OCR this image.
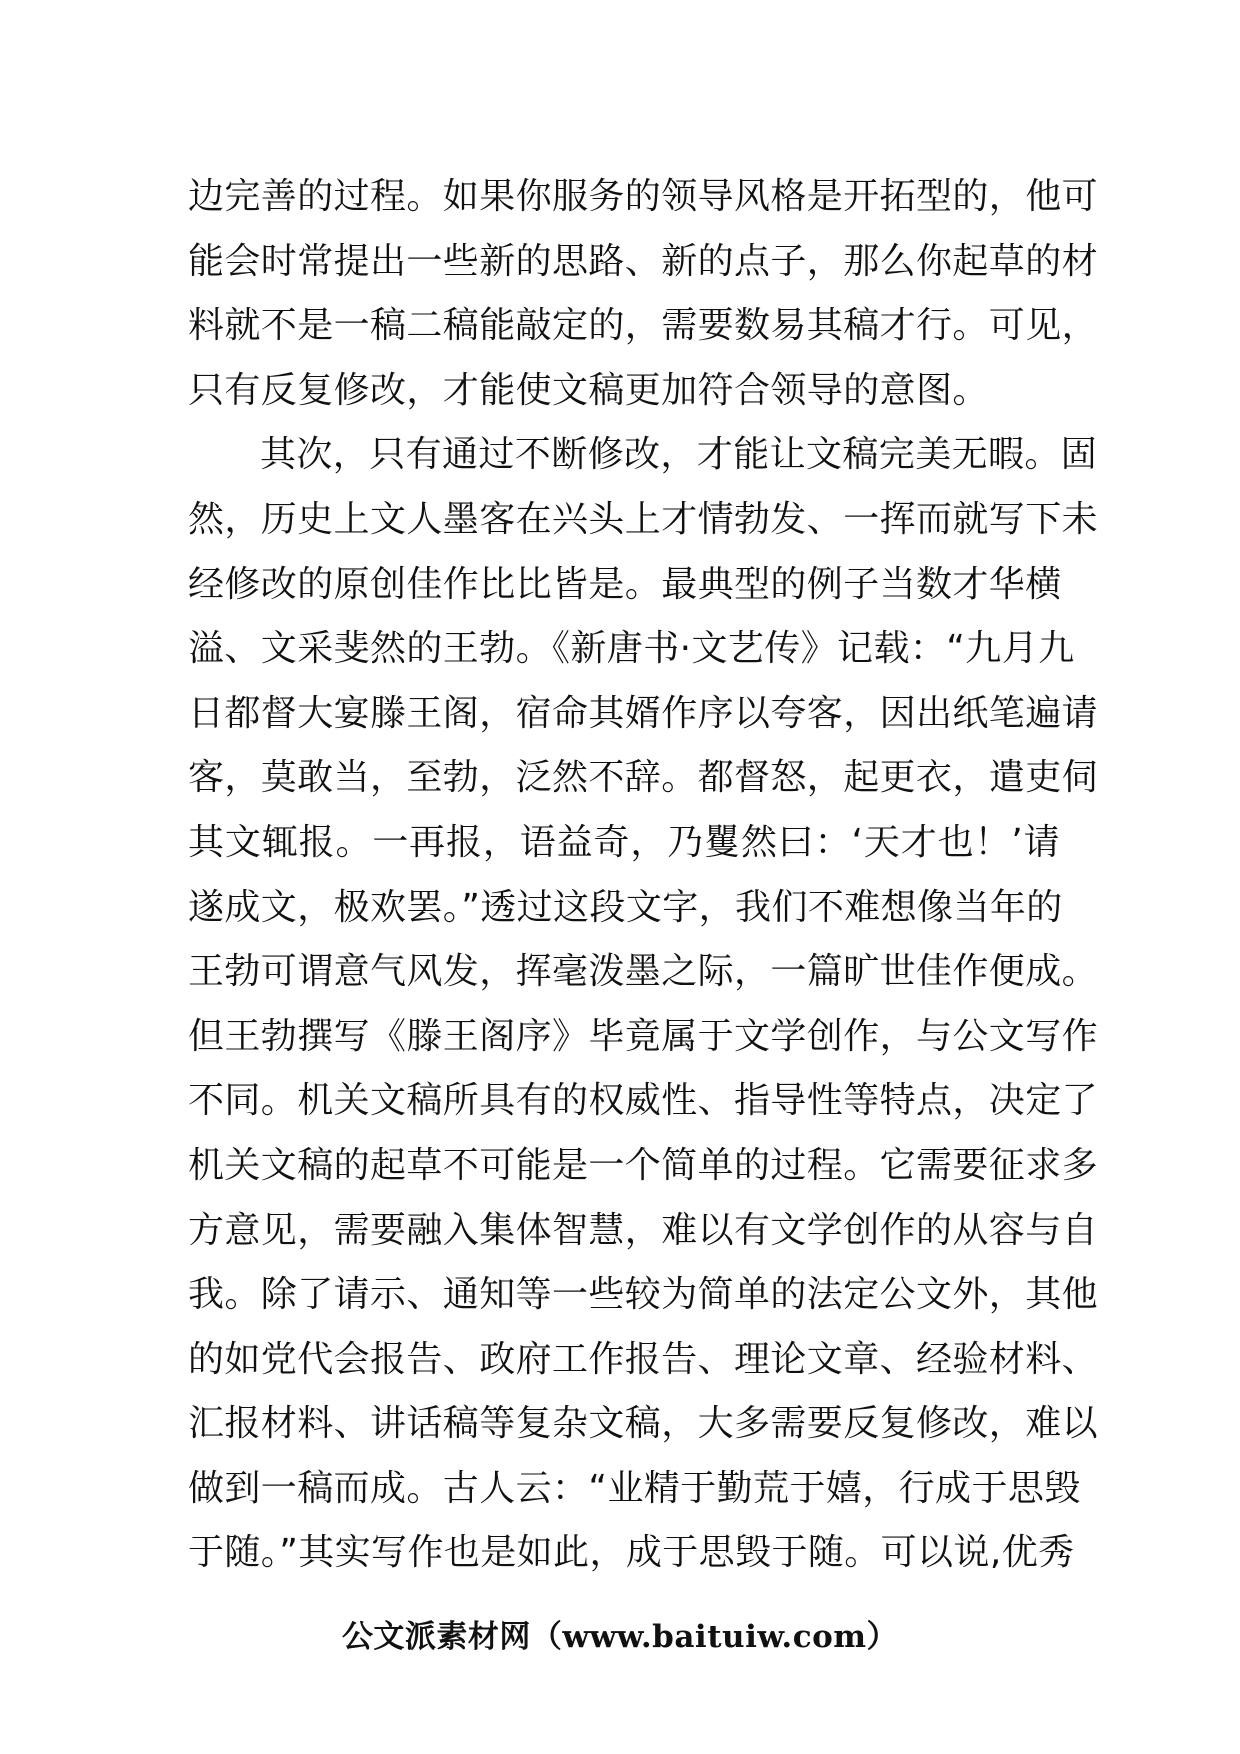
边完善的过程。如果你服务的领导风格是开拓型的，他可
能会时常提出一些新的思路、新的点子，那么你起草的材
料就不是一稿二稿能敲定的，需要数易其稿才行。可见，
只有反复修改，才能使文稿更加符合领导的意图。
其次，只有通过不断修改，才能让文稿完美无暇。固
然，历史上文人墨客在兴头上才情勃发、一挥而就写下未
经修改的原创佳作比比皆是。最典型的例子当数才华横
溢、文采斐然的王勃。《新唐书·文艺传》记载：“九月九
日都督大宴滕王阁，宿命其婿作序以夸客，因出纸笔遍请
客，莫敢当，至勃，泛然不辞。都督怒，起更衣，遣吏伺
其文辄报。一再报，语益奇，乃矍然曰：‘天才也！’请
遂成文，极欢罢。”透过这段文字，我们不难想像当年的
王勃可谓意气风发，挥毫泼墨之际，一篇旷世佳作便成。
但王勃撰写《滕王阁序》毕竟属于文学创作，与公文写作
不同。机关文稿所具有的权威性、指导性等特点，决定了
机关文稿的起草不可能是一个简单的过程。它需要征求多
方意见，需要融入集体智慧，难以有文学创作的从容与自
我。除了请示、通知等一些较为简单的法定公文外，其他
的如党代会报告、政府工作报告、理论文章、经验材料、
汇报材料、讲话稿等复杂文稿，大多需要反复修改，难以
做到一稿而成。古人云：“业精于勤荒于嬉，行成于思毁
于随。”其实写作也是如此，成于思毁于随。可以说,优秀
公文派素材网（www.baituiw.com）
